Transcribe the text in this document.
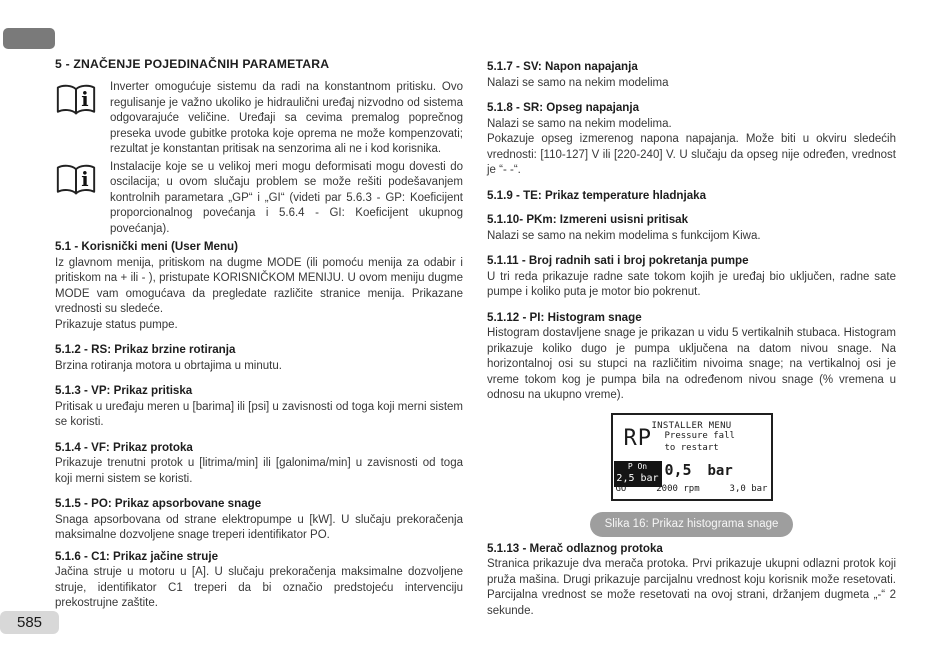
5 - ZNAČENJE POJEDINAČNIH PARAMETARA
i

Inverter omogućuje sistemu da radi na konstantnom pritisku. Ovo regulisanje je važno ukoliko je hidraulični uređaj nizvodno od sistema odgovarajuće veličine. Uređaji sa cevima premalog poprečnog preseka uvode gubitke protoka koje oprema ne može kompenzovati; rezultat je konstantan pritisak na senzorima ali ne i kod korisnika.

i

Instalacije koje se u velikoj meri mogu deformisati mogu dovesti do oscilacija; u ovom slučaju problem se može rešiti podešavanjem kontrolnih parametara „GP“ i „GI“ (videti par 5.6.3 - GP: Koeficijent proporcionalnog povećanja i 5.6.4 - GI: Koeficijent ukupnog povećanja).

5.1 - Korisnički meni (User Menu)

Iz glavnom menija, pritiskom na dugme MODE (ili pomoću menija za odabir i pritiskom na + ili - ), pristupate KORISNIČKOM MENIJU. U ovom meniju dugme MODE vam omogućava da pregledate različite stranice menija. Prikazane vrednosti su sledeće.

Prikazuje status pumpe.

5.1.2 - RS: Prikaz brzine rotiranja

Brzina rotiranja motora u obrtajima u minutu.

5.1.3 - VP: Prikaz pritiska

Pritisak u uređaju meren u [barima] ili [psi] u zavisnosti od toga koji merni sistem se koristi.

5.1.4 - VF: Prikaz protoka

Prikazuje trenutni protok u [litrima/min] ili [galonima/min] u zavisnosti od toga koji merni sistem se koristi.

5.1.5 - PO: Prikaz apsorbovane snage

Snaga apsorbovana od strane elektropumpe u [kW]. U slučaju prekoračenja maksimalne dozvoljene snage treperi identifikator PO.

5.1.6 - C1: Prikaz jačine struje

Jačina struje u motoru u [A]. U slučaju prekoračenja maksimalne dozvoljene struje, identifikator C1 treperi da bi označio predstojeću intervenciju prekostrujne zaštite.

5.1.7 - SV: Napon napajanja

Nalazi se samo na nekim modelima

5.1.8 - SR: Opseg napajanja

Nalazi se samo na nekim modelima.

Pokazuje opseg izmerenog napona napajanja. Može biti u okviru sledećih vrednosti: [110-127] V ili [220-240] V. U slučaju da opseg nije određen, vrednost je “- -“.

5.1.9 - TE: Prikaz temperature hladnjaka
5.1.10- PKm: Izmereni usisni pritisak

Nalazi se samo na nekim modelima s funkcijom Kiwa.

5.1.11 - Broj radnih sati i broj pokretanja pumpe

U tri reda prikazuje radne sate tokom kojih je uređaj bio uključen, radne sate pumpe i koliko puta je motor bio pokrenut.

5.1.12 - PI: Histogram snage

Histogram dostavljene snage je prikazan u vidu 5 vertikalnih stubaca. Histogram prikazuje koliko dugo je pumpa uključena na datom nivou snage. Na horizontalnoj osi su stupci na različitim nivoima snage; na vertikalnoj osi je vreme tokom kog je pumpa bila na određenom nivou snage (% vremena u odnosu na ukupno vreme).

INSTALLER MENU
RP Pressure fall
to restart
P On
2,5 bar 0,5 bar
GO	2000 rpm	3,0 bar
Slika 16: Prikaz histograma snage
5.1.13 - Merač odlaznog protoka

Stranica prikazuje dva merača protoka. Prvi prikazuje ukupni odlazni protok koji pruža mašina. Drugi prikazuje parcijalnu vrednost koju korisnik može resetovati. Parcijalna vrednost se može resetovati na ovoj strani, držanjem dugmeta „-“ 2 sekunde.

585
